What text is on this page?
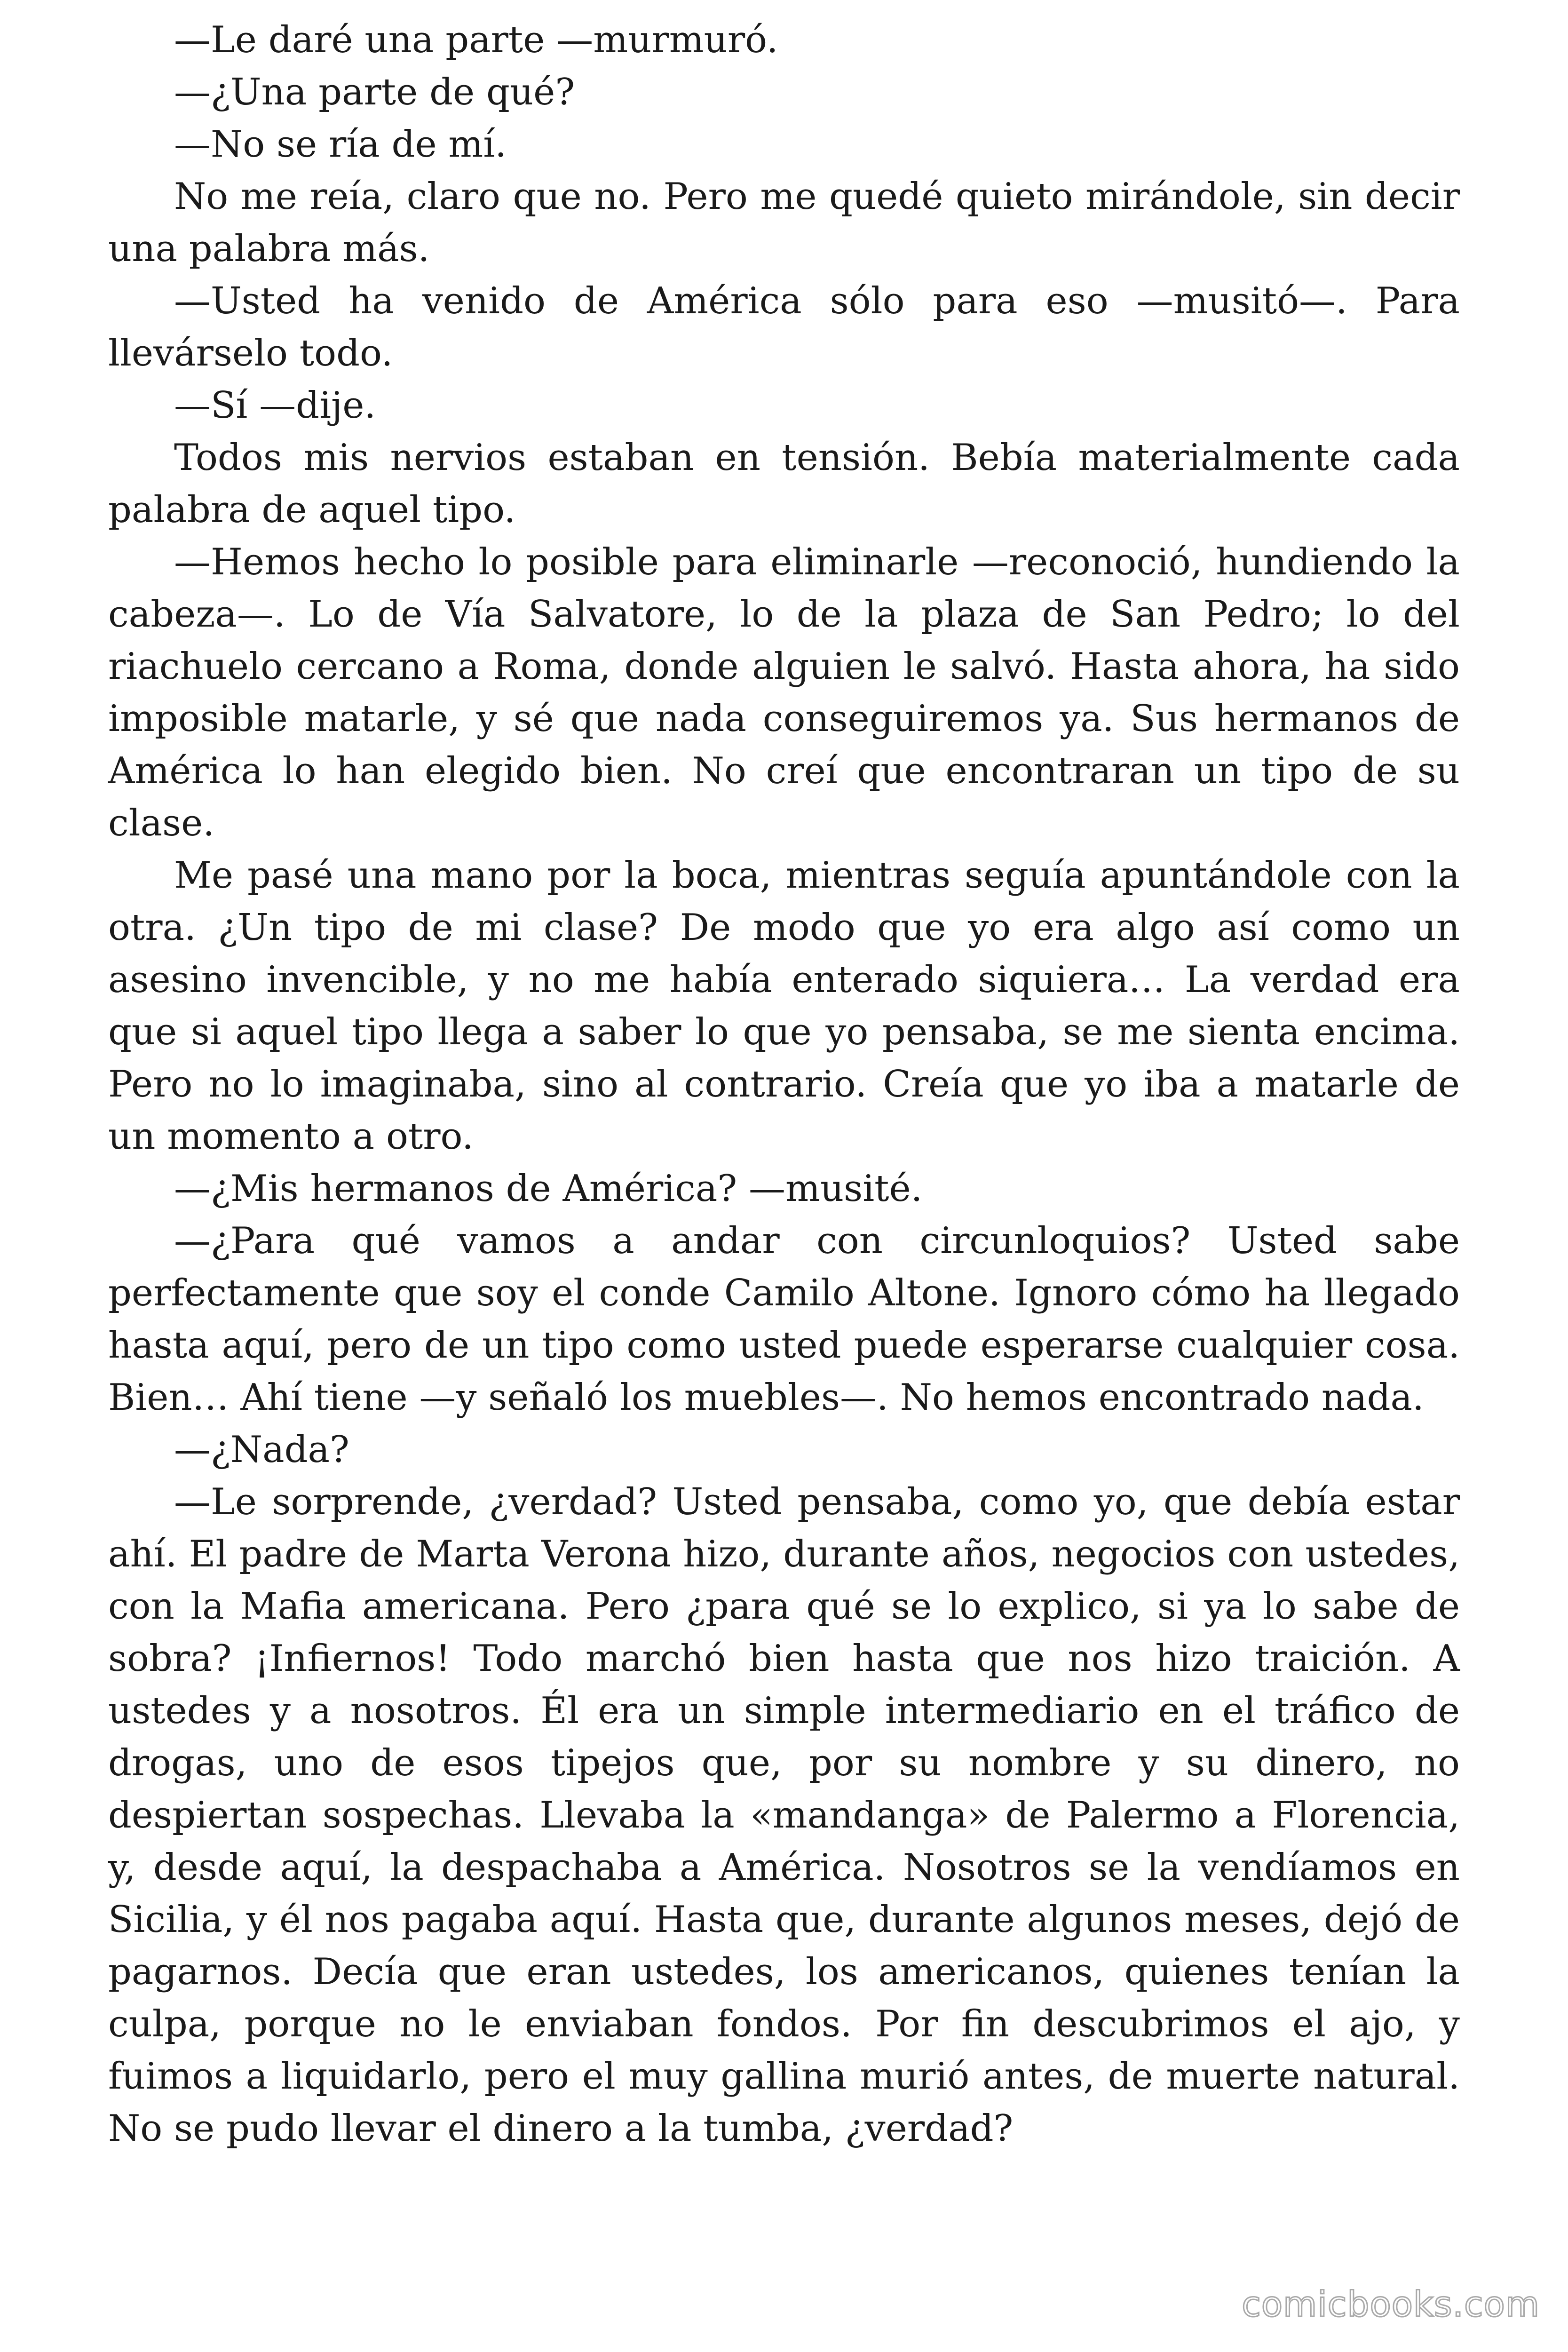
—Le daré una parte —murmuró.

—¿Una parte de qué?

—No se ría de mí.

No me reía, claro que no. Pero me quedé quieto mirándole, sin decir una palabra más.

—Usted ha venido de América sólo para eso —musitó—. Para llevárselo todo.

—Sí —dije.

Todos mis nervios estaban en tensión. Bebía materialmente cada palabra de aquel tipo.

—Hemos hecho lo posible para eliminarle —reconoció, hundiendo la cabeza—. Lo de Vía Salvatore, lo de la plaza de San Pedro; lo del riachuelo cercano a Roma, donde alguien le salvó. Hasta ahora, ha sido imposible matarle, y sé que nada conseguiremos ya. Sus hermanos de América lo han elegido bien. No creí que encontraran un tipo de su clase.

Me pasé una mano por la boca, mientras seguía apuntándole con la otra. ¿Un tipo de mi clase? De modo que yo era algo así como un asesino invencible, y no me había enterado siquiera… La verdad era que si aquel tipo llega a saber lo que yo pensaba, se me sienta encima. Pero no lo imaginaba, sino al contrario. Creía que yo iba a matarle de un momento a otro.

—¿Mis hermanos de América? —musité.

—¿Para qué vamos a andar con circunloquios? Usted sabe perfectamente que soy el conde Camilo Altone. Ignoro cómo ha llegado hasta aquí, pero de un tipo como usted puede esperarse cualquier cosa. Bien… Ahí tiene —y señaló los muebles—. No hemos encontrado nada.

—¿Nada?

—Le sorprende, ¿verdad? Usted pensaba, como yo, que debía estar ahí. El padre de Marta Verona hizo, durante años, negocios con ustedes, con la Mafia americana. Pero ¿para qué se lo explico, si ya lo sabe de sobra? ¡Infiernos! Todo marchó bien hasta que nos hizo traición. A ustedes y a nosotros. Él era un simple intermediario en el tráfico de drogas, uno de esos tipejos que, por su nombre y su dinero, no despiertan sospechas. Llevaba la «mandanga» de Palermo a Florencia, y, desde aquí, la despachaba a América. Nosotros se la vendíamos en Sicilia, y él nos pagaba aquí. Hasta que, durante algunos meses, dejó de pagarnos. Decía que eran ustedes, los americanos, quienes tenían la culpa, porque no le enviaban fondos. Por fin descubrimos el ajo, y fuimos a liquidarlo, pero el muy gallina murió antes, de muerte natural. No se pudo llevar el dinero a la tumba, ¿verdad?

comicbooks.com
